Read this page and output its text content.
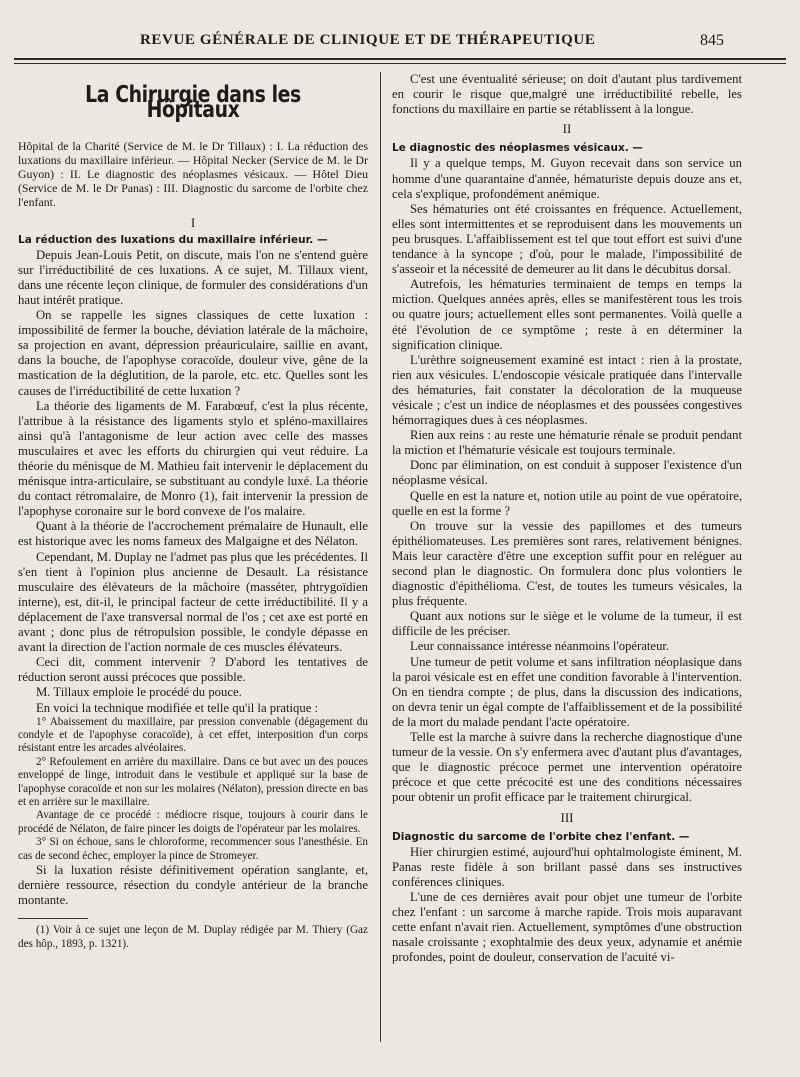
REVUE GÉNÉRALE DE CLINIQUE ET DE THÉRAPEUTIQUE	845
La Chirurgie dans les Hôpitaux
Hôpital de la Charité (Service de M. le Dr Tillaux) : I. La réduction des luxations du maxillaire inférieur. — Hôpital Necker (Service de M. le Dr Guyon) : II. Le diagnostic des néoplasmes vésicaux. — Hôtel Dieu (Service de M. le Dr Panas) : III. Diagnostic du sarcome de l'orbite chez l'enfant.
I

La réduction des luxations du maxillaire inférieur. —

Depuis Jean-Louis Petit, on discute, mais l'on ne s'entend guère sur l'irréductibilité de ces luxations. A ce sujet, M. Tillaux vient, dans une récente leçon clinique, de formuler des considérations d'un haut intérêt pratique.

On se rappelle les signes classiques de cette luxation : impossibilité de fermer la bouche, déviation latérale de la mâchoire, sa projection en avant, dépression préauriculaire, saillie en avant, dans la bouche, de l'apophyse coracoïde, douleur vive, gêne de la mastication de la déglutition, de la parole, etc. etc. Quelles sont les causes de l'irréductibilité de cette luxation ?

La théorie des ligaments de M. Farabœuf, c'est la plus récente, l'attribue à la résistance des ligaments stylo et spléno-maxillaires ainsi qu'à l'antagonisme de leur action avec celle des masses musculaires et avec les efforts du chirurgien qui veut réduire. La théorie du ménisque de M. Mathieu fait intervenir le déplacement du ménisque intra-articulaire, se substituant au condyle luxé. La théorie du contact rétromalaire, de Monro (1), fait intervenir la pression de l'apophyse coronaire sur le bord convexe de l'os malaire.

Quant à la théorie de l'accrochement prémalaire de Hunault, elle est historique avec les noms fameux des Malgaigne et des Nélaton.

Cependant, M. Duplay ne l'admet pas plus que les précédentes. Il s'en tient à l'opinion plus ancienne de Desault. La résistance musculaire des élévateurs de la mâchoire (masséter, phtrygoïdien interne), est, dit-il, le principal facteur de cette irréductibilité. Il y a déplacement de l'axe transversal normal de l'os ; cet axe est porté en avant ; donc plus de rétropulsion possible, le condyle dépasse en avant la direction de l'action normale de ces muscles élévateurs.

Ceci dit, comment intervenir ? D'abord les tentatives de réduction seront aussi précoces que possible.

M. Tillaux emploie le procédé du pouce.

En voici la technique modifiée et telle qu'il la pratique :

1° Abaissement du maxillaire, par pression convenable (dégagement du condyle et de l'apophyse coracoïde), à cet effet, interposition d'un corps résistant entre les arcades alvéolaires.

2° Refoulement en arrière du maxillaire. Dans ce but avec un des pouces enveloppé de linge, introduit dans le vestibule et appliqué sur la base de l'apophyse coracoïde et non sur les molaires (Nélaton), pression directe en bas et en arrière sur le maxillaire.

Avantage de ce procédé : médiocre risque, toujours à courir dans le procédé de Nélaton, de faire pincer les doigts de l'opérateur par les molaires.

3° Si on échoue, sans le chloroforme, recommencer sous l'anesthésie. En cas de second échec, employer la pince de Stromeyer.

Si la luxation résiste définitivement opération sanglante, et, dernière ressource, résection du condyle antérieur de la branche montante.

(1) Voir à ce sujet une leçon de M. Duplay rédigée par M. Thiery (Gaz des hôp., 1893, p. 1321).

C'est une éventualité sérieuse; on doit d'autant plus tardivement en courir le risque que,malgré une irréductibilité rebelle, les fonctions du maxillaire en partie se rétablissent à la longue.

II

Le diagnostic des néoplasmes vésicaux. —

Il y a quelque temps, M. Guyon recevait dans son service un homme d'une quarantaine d'année, hématuriste depuis douze ans et, cela s'explique, profondément anémique.

Ses hématuries ont été croissantes en fréquence. Actuellement, elles sont intermittentes et se reproduisent dans les mouvements un peu brusques. L'affaiblissement est tel que tout effort est suivi d'une tendance à la syncope ; d'où, pour le malade, l'impossibilité de s'asseoir et la nécessité de demeurer au lit dans le décubitus dorsal.

Autrefois, les hématuries terminaient de temps en temps la miction. Quelques années après, elles se manifestèrent tous les trois ou quatre jours; actuellement elles sont permanentes. Voilà quelle a été l'évolution de ce symptôme ; reste à en déterminer la signification clinique.

L'urèthre soigneusement examiné est intact : rien à la prostate, rien aux vésicules. L'endoscopie vésicale pratiquée dans l'intervalle des hématuries, fait constater la décoloration de la muqueuse vésicale ; c'est un indice de néoplasmes et des poussées congestives hémorragiques dues à ces néoplasmes.

Rien aux reins : au reste une hématurie rénale se produit pendant la miction et l'hématurie vésicale est toujours terminale.

Donc par élimination, on est conduit à supposer l'existence d'un néoplasme vésical.

Quelle en est la nature et, notion utile au point de vue opératoire, quelle en est la forme ?

On trouve sur la vessie des papillomes et des tumeurs épithéliomateuses. Les premières sont rares, relativement bénignes. Mais leur caractère d'être une exception suffit pour en reléguer au second plan le diagnostic. On formulera donc plus volontiers le diagnostic d'épithélioma. C'est, de toutes les tumeurs vésicales, la plus fréquente.

Quant aux notions sur le siège et le volume de la tumeur, il est difficile de les préciser.

Leur connaissance intéresse néanmoins l'opérateur.

Une tumeur de petit volume et sans infiltration néoplasique dans la paroi vésicale est en effet une condition favorable à l'intervention. On en tiendra compte ; de plus, dans la discussion des indications, on devra tenir un égal compte de l'affaiblissement et de la possibilité de la mort du malade pendant l'acte opératoire.

Telle est la marche à suivre dans la recherche diagnostique d'une tumeur de la vessie. On s'y enfermera avec d'autant plus d'avantages, que le diagnostic précoce permet une intervention opératoire précoce et que cette précocité est une des conditions nécessaires pour obtenir un profit efficace par le traitement chirurgical.

III

Diagnostic du sarcome de l'orbite chez l'enfant. —

Hier chirurgien estimé, aujourd'hui ophtalmologiste éminent, M. Panas reste fidèle à son brillant passé dans ses instructives conférences cliniques.

L'une de ces dernières avait pour objet une tumeur de l'orbite chez l'enfant : un sarcome à marche rapide. Trois mois auparavant cette enfant n'avait rien. Actuellement, symptômes d'une obstruction nasale croissante ; exophtalmie des deux yeux, adynamie et anémie profondes, point de douleur, conservation de l'acuité vi-
